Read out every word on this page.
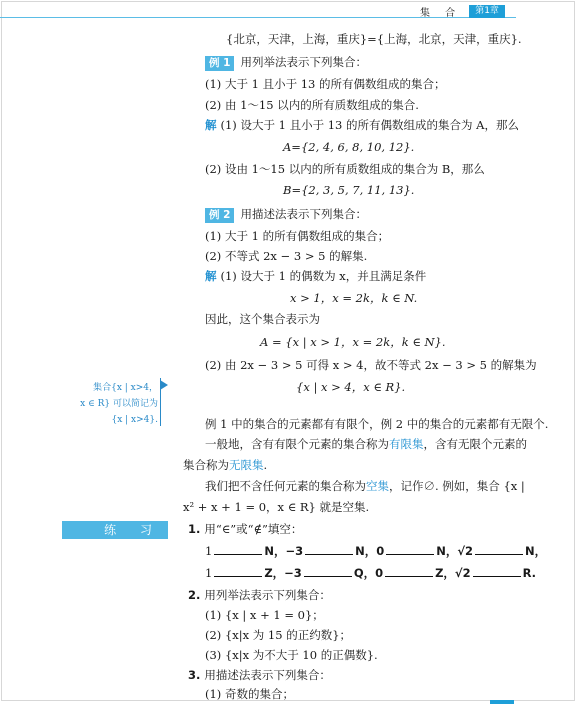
集 合	第1章
{北京，天津，上海，重庆}={上海，北京，天津，重庆}.
例 1 用列举法表示下列集合：
(1) 大于 1 且小于 13 的所有偶数组成的集合；
(2) 由 1～15 以内的所有质数组成的集合.
解 (1) 设大于 1 且小于 13 的所有偶数组成的集合为 A，那么
A={2, 4, 6, 8, 10, 12}.
(2) 设由 1～15 以内的所有质数组成的集合为 B，那么
B={2, 3, 5, 7, 11, 13}.
例 2 用描述法表示下列集合：
(1) 大于 1 的所有偶数组成的集合；
(2) 不等式 2x − 3 > 5 的解集.
解 (1) 设大于 1 的偶数为 x，并且满足条件
x > 1，x = 2k，k ∈ N.
因此，这个集合表示为
A = {x | x > 1，x = 2k，k ∈ N}.
(2) 由 2x − 3 > 5 可得 x > 4，故不等式 2x − 3 > 5 的解集为
{x | x > 4，x ∈ R}.
集合{x | x>4，
x ∈ R} 可以简记为
{x | x>4}.	例 1 中的集合的元素都有有限个，例 2 中的集合的元素都有无限个.
一般地，含有有限个元素的集合称为有限集，含有无限个元素的
集合称为无限集.
我们把不含任何元素的集合称为空集，记作∅. 例如，集合 {x |
x² + x + 1 = 0，x ∈ R} 就是空集.
练 习	1. 用“∈”或“∉”填空：
1	N，−3	N，0	N，√2	N，
1	Z，−3	Q，0	Z，√2	R.
2. 用列举法表示下列集合：
(1) {x | x + 1 = 0}；
(2) {x|x 为 15 的正约数}；
(3) {x|x 为不大于 10 的正偶数}.
3. 用描述法表示下列集合：
(1) 奇数的集合；
